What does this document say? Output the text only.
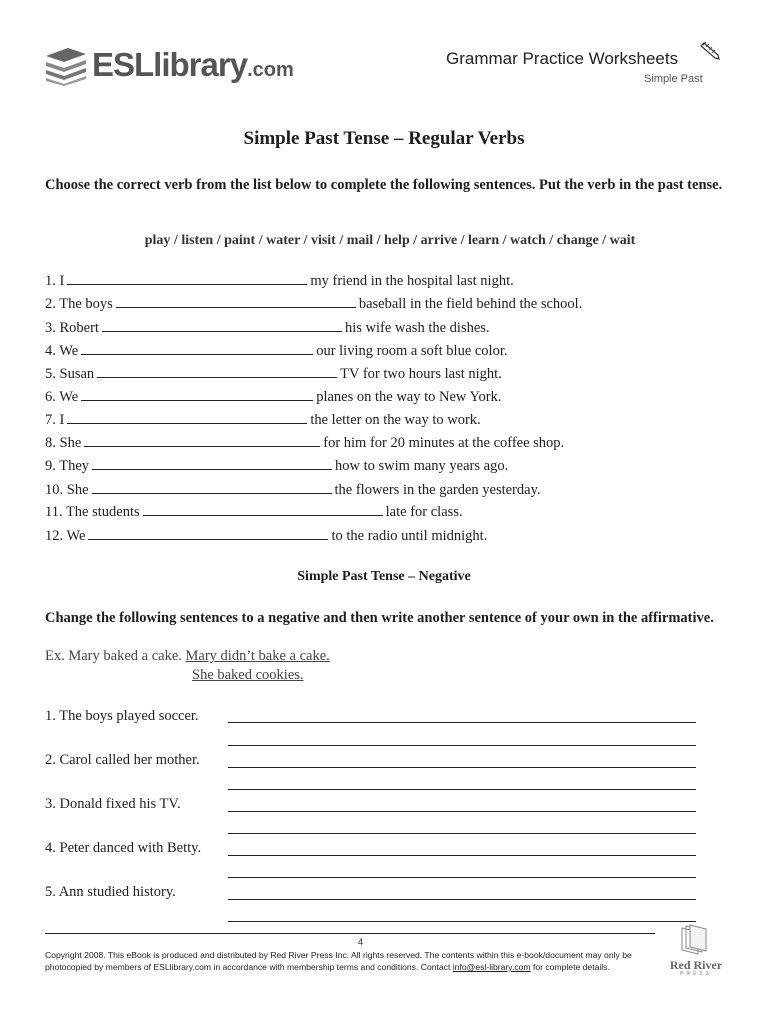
ESLlibrary.com
Grammar Practice Worksheets
Simple Past
Simple Past Tense – Regular Verbs
Choose the correct verb from the list below to complete the following sentences. Put the verb in the past tense.
play / listen / paint / water / visit / mail / help / arrive / learn / watch / change / wait
1. I	my friend in the hospital last night.
2. The boys	baseball in the field behind the school.
3. Robert	his wife wash the dishes.
4. We	our living room a soft blue color.
5. Susan	TV for two hours last night.
6. We	planes on the way to New York.
7. I	the letter on the way to work.
8. She	for him for 20 minutes at the coffee shop.
9. They	how to swim many years ago.
10. She	the flowers in the garden yesterday.
11. The students	late for class.
12. We	to the radio until midnight.
Simple Past Tense – Negative
Change the following sentences to a negative and then write another sentence of your own in the affirmative.
Ex. Mary baked a cake. Mary didn’t bake a cake.
She baked cookies.
1. The boys played soccer.
2. Carol called her mother.
3. Donald fixed his TV.
4. Peter danced with Betty.
5. Ann studied history.
4
Copyright 2008. This eBook is produced and distributed by Red River Press Inc. All rights reserved. The contents within this e-book/document may only be photocopied by members of ESLlibrary.com in accordance with membership terms and conditions. Contact info@esl-library.com for complete details.	Red River
PRESS
